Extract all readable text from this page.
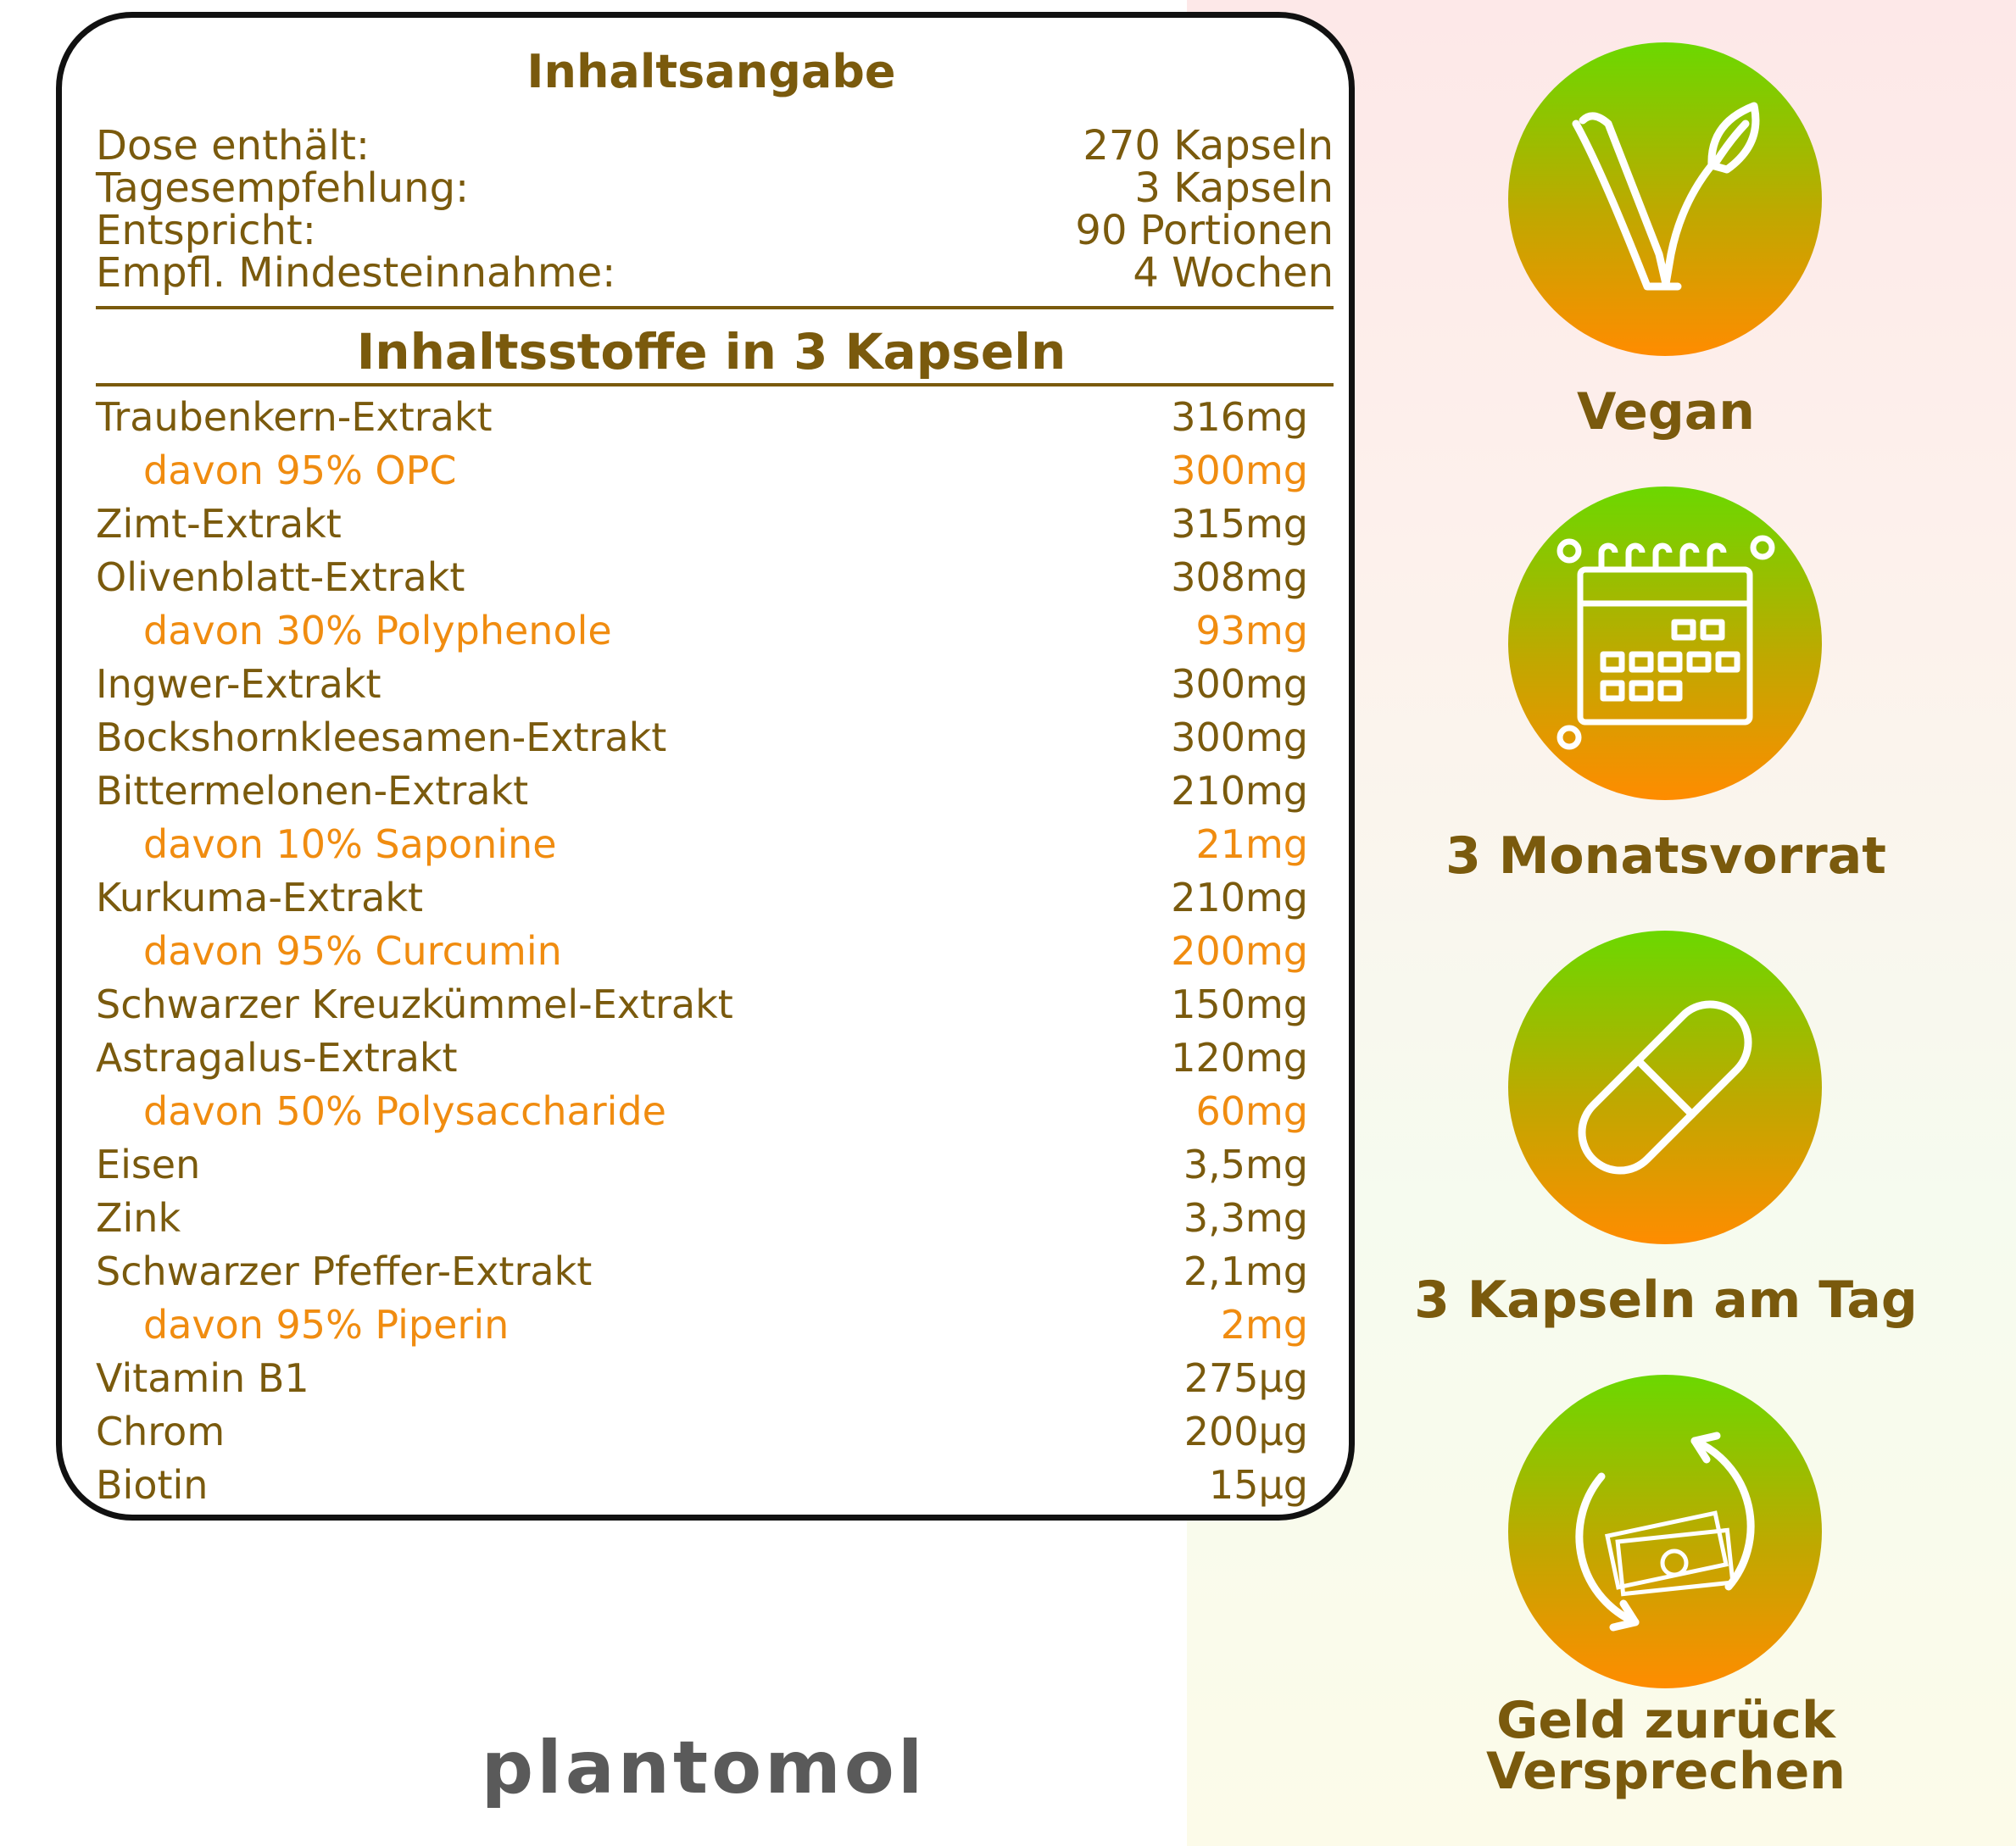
Inhaltsangabe
Dose enthält:	270 Kapseln
Tagesempfehlung:	3 Kapseln
Entspricht:	90 Portionen
Empfl. Mindesteinnahme:	4 Wochen
Inhaltsstoffe in 3 Kapseln
Traubenkern-Extrakt	316mg
davon 95% OPC	300mg
Zimt-Extrakt	315mg
Olivenblatt-Extrakt	308mg
davon 30% Polyphenole	93mg
Ingwer-Extrakt	300mg
Bockshornkleesamen-Extrakt	300mg
Bittermelonen-Extrakt	210mg
davon 10% Saponine	21mg
Kurkuma-Extrakt	210mg
davon 95% Curcumin	200mg
Schwarzer Kreuzkümmel-Extrakt	150mg
Astragalus-Extrakt	120mg
davon 50% Polysaccharide	60mg
Eisen	3,5mg
Zink	3,3mg
Schwarzer Pfeffer-Extrakt	2,1mg
davon 95% Piperin	2mg
Vitamin B1	275µg
Chrom	200µg
Biotin	15µg
plantomol
Vegan
3 Monatsvorrat
3 Kapseln am Tag
Geld zurück
Versprechen
